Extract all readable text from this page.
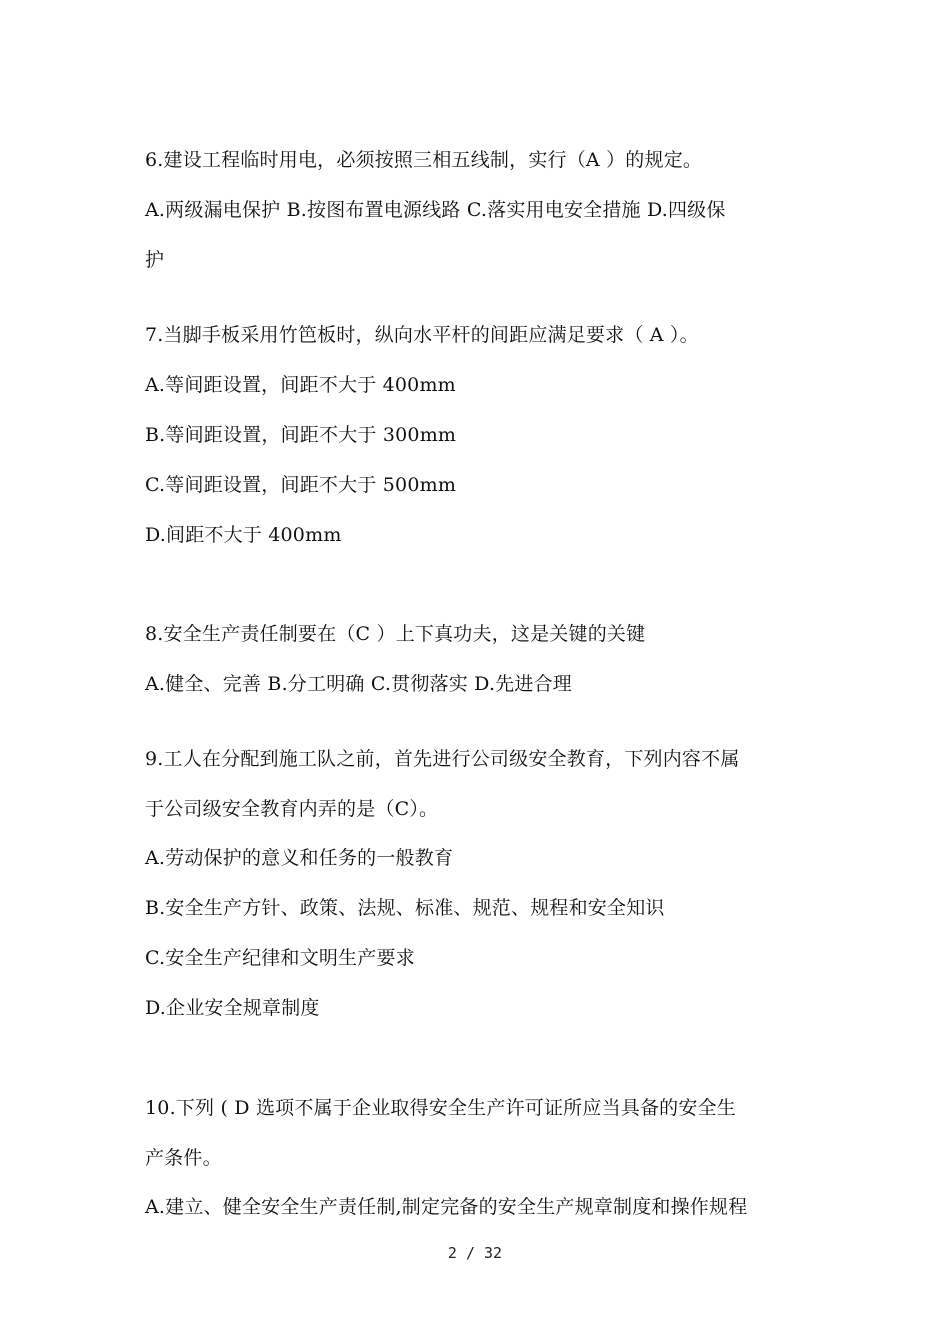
6.建设工程临时用电，必须按照三相五线制，实行（A ）的规定。
A.两级漏电保护 B.按图布置电源线路 C.落实用电安全措施 D.四级保
护
7.当脚手板采用竹笆板时，纵向水平杆的间距应满足要求（ A ）。
A.等间距设置，间距不大于 400mm
B.等间距设置，间距不大于 300mm
C.等间距设置，间距不大于 500mm
D.间距不大于 400mm
8.安全生产责任制要在（C ）上下真功夫，这是关键的关键
A.健全、完善 B.分工明确 C.贯彻落实 D.先进合理
9.工人在分配到施工队之前，首先进行公司级安全教育，下列内容不属
于公司级安全教育内弄的是（C）。
A.劳动保护的意义和任务的一般教育
B.安全生产方针、政策、法规、标准、规范、规程和安全知识
C.安全生产纪律和文明生产要求
D.企业安全规章制度
10.下列 ( D 选项不属于企业取得安全生产许可证所应当具备的安全生
产条件。
A.建立、健全安全生产责任制,制定完备的安全生产规章制度和操作规程
2 / 32
